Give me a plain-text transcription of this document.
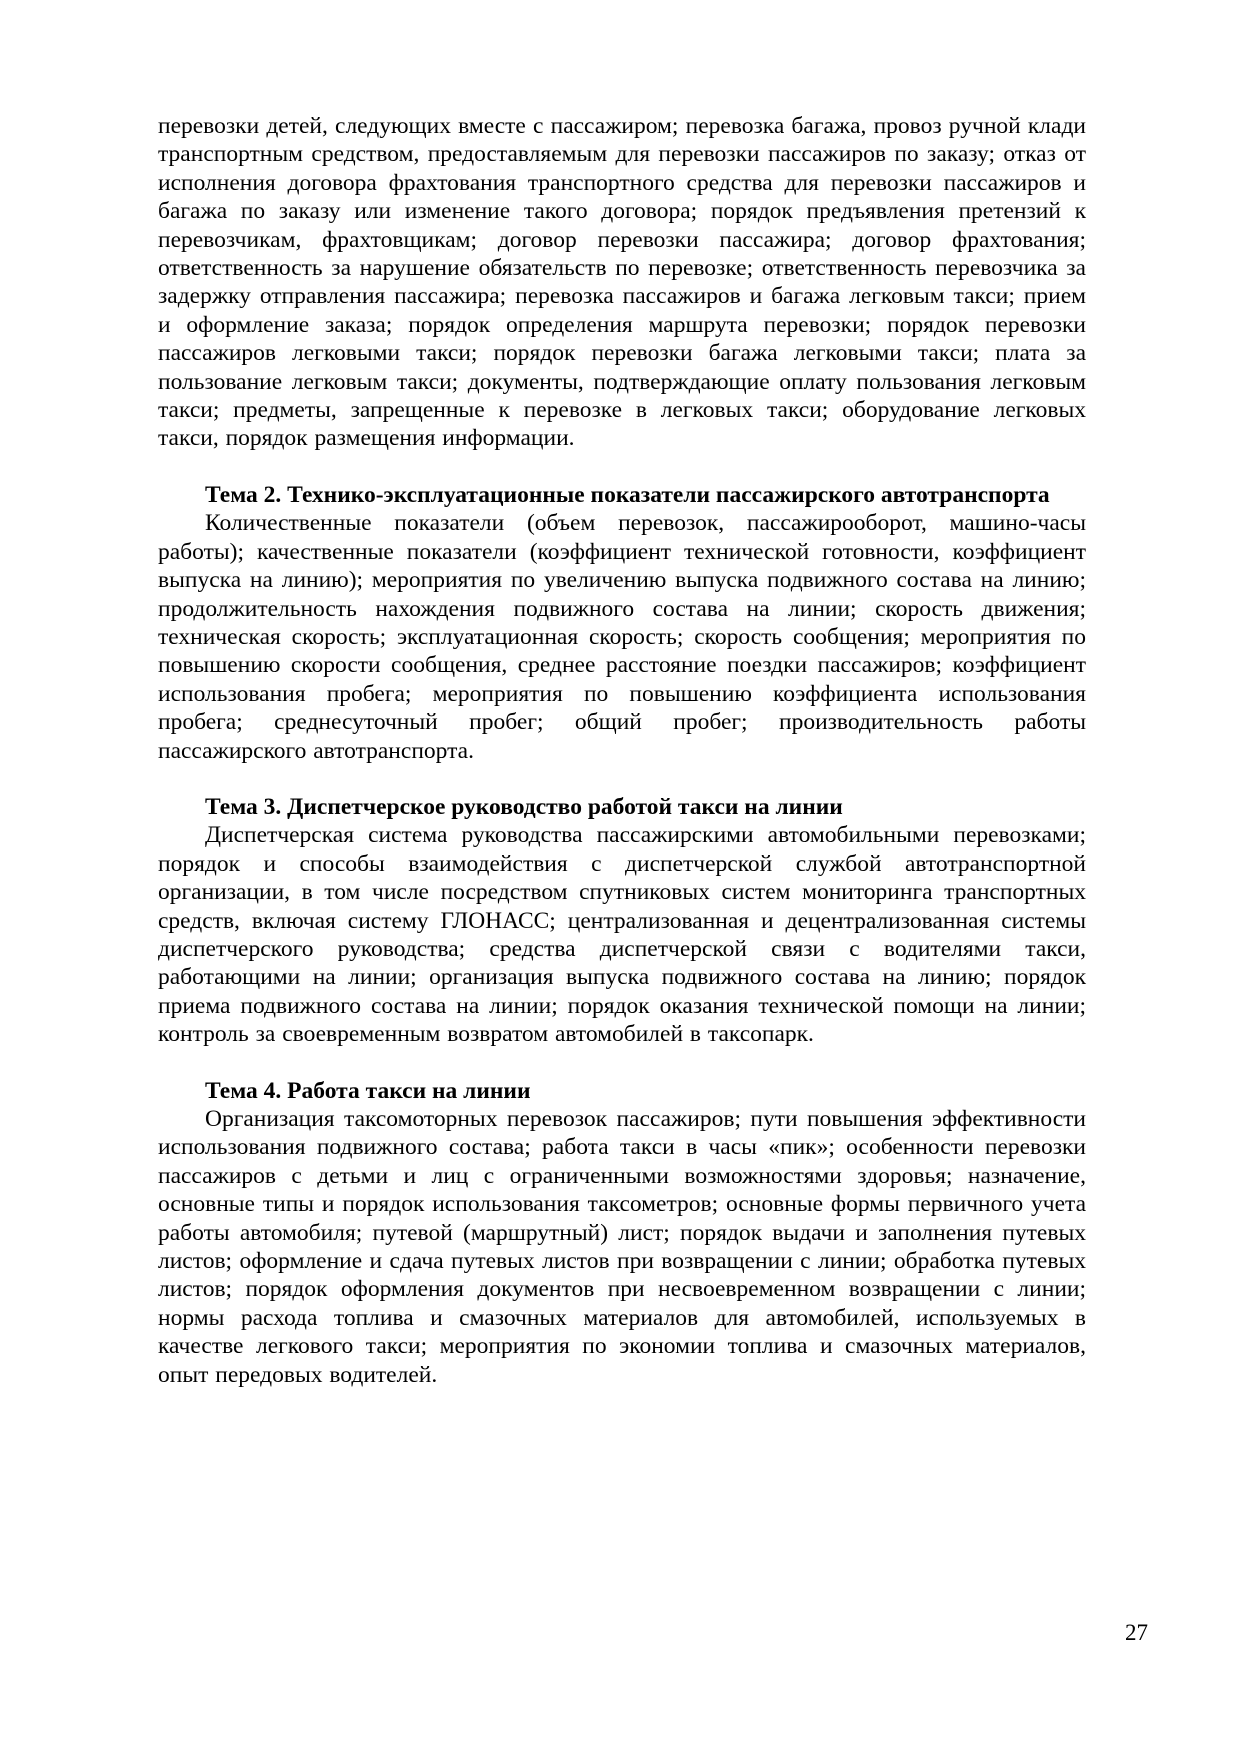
перевозки детей, следующих вместе с пассажиром; перевозка багажа, провоз ручной клади транспортным средством, предоставляемым для перевозки пассажиров по заказу; отказ от исполнения договора фрахтования транспортного средства для перевозки пассажиров и багажа по заказу или изменение такого договора; порядок предъявления претензий к перевозчикам, фрахтовщикам; договор перевозки пассажира; договор фрахтования; ответственность за нарушение обязательств по перевозке; ответственность перевозчика за задержку отправления пассажира; перевозка пассажиров и багажа легковым такси; прием и оформление заказа; порядок определения маршрута перевозки; порядок перевозки пассажиров легковыми такси; порядок перевозки багажа легковыми такси; плата за пользование легковым такси; документы, подтверждающие оплату пользования легковым такси; предметы, запрещенные к перевозке в легковых такси; оборудование легковых такси, порядок размещения информации.

Тема 2. Технико-эксплуатационные показатели пассажирского автотранспорта

Количественные показатели (объем перевозок, пассажирооборот, машино-часы работы); качественные показатели (коэффициент технической готовности, коэффициент выпуска на линию); мероприятия по увеличению выпуска подвижного состава на линию; продолжительность нахождения подвижного состава на линии; скорость движения; техническая скорость; эксплуатационная скорость; скорость сообщения; мероприятия по повышению скорости сообщения, среднее расстояние поездки пассажиров; коэффициент использования пробега; мероприятия по повышению коэффициента использования пробега; среднесуточный пробег; общий пробег; производительность работы пассажирского автотранспорта.

Тема 3. Диспетчерское руководство работой такси на линии

Диспетчерская система руководства пассажирскими автомобильными перевозками; порядок и способы взаимодействия с диспетчерской службой автотранспортной организации, в том числе посредством спутниковых систем мониторинга транспортных средств, включая систему ГЛОНАСС; централизованная и децентрализованная системы диспетчерского руководства; средства диспетчерской связи с водителями такси, работающими на линии; организация выпуска подвижного состава на линию; порядок приема подвижного состава на линии; порядок оказания технической помощи на линии; контроль за своевременным возвратом автомобилей в таксопарк.

Тема 4. Работа такси на линии

Организация таксомоторных перевозок пассажиров; пути повышения эффективности использования подвижного состава; работа такси в часы «пик»; особенности перевозки пассажиров с детьми и лиц с ограниченными возможностями здоровья; назначение, основные типы и порядок использования таксометров; основные формы первичного учета работы автомобиля; путевой (маршрутный) лист; порядок выдачи и заполнения путевых листов; оформление и сдача путевых листов при возвращении с линии; обработка путевых листов; порядок оформления документов при несвоевременном возвращении с линии; нормы расхода топлива и смазочных материалов для автомобилей, используемых в качестве легкового такси; мероприятия по экономии топлива и смазочных материалов, опыт передовых водителей.

27
